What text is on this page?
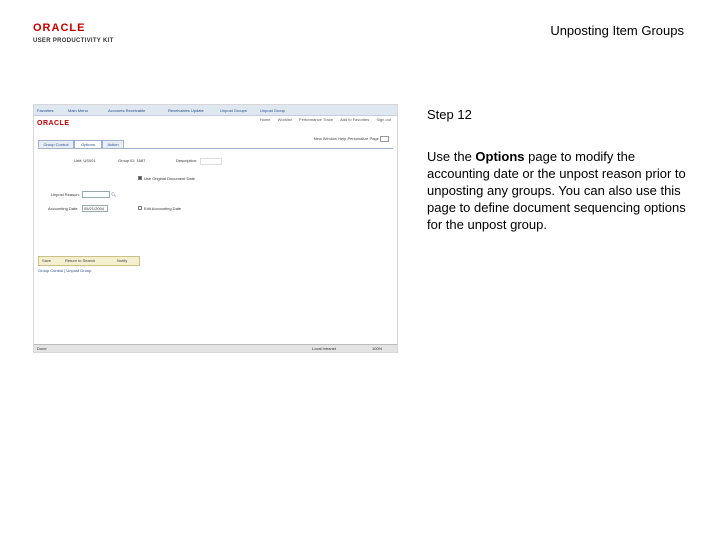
ORACLE
USER PRODUCTIVITY KIT
Unposting Item Groups
Favorites	Main Menu	Accounts Receivable	Receivables Update	Unpost Groups	Unpost Group
ORACLE
Home Worklist Performance Trace Add to Favorites Sign out
New Window Help Personalize Page
Group Control	Options	Action
Unit: US001	Group ID: 1687	Description:
Use Original Document Date
Unpost Reason:	🔍︎
Accounting Date: 05/21/2004	Edit Accounting Date
Save	Return to Search	Notify
Group Control | Unpost Group
Done	Local intranet	100%
Step 12
Use the Options page to modify the accounting date or the unpost reason prior to unposting any groups. You can also use this page to define document sequencing options for the unpost group.
